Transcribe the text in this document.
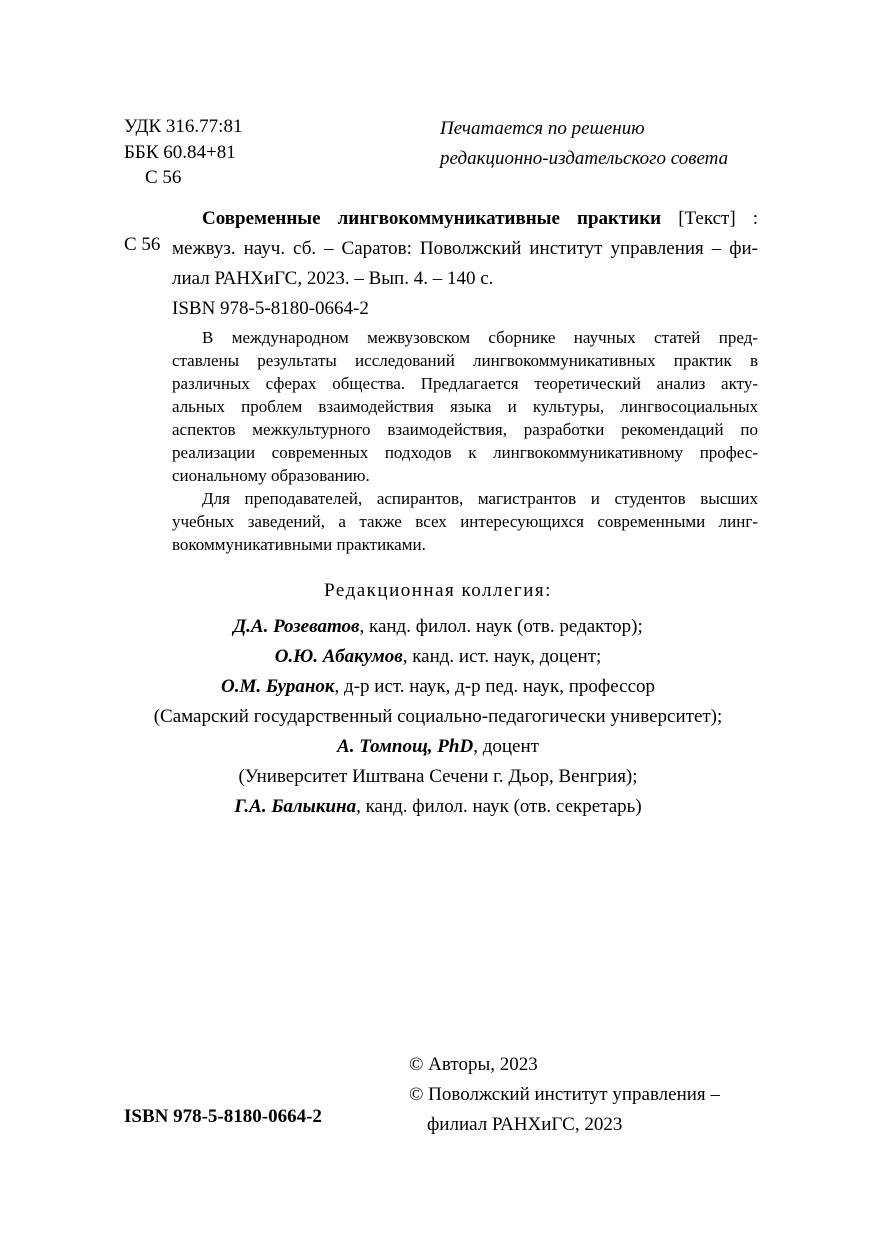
УДК 316.77:81
ББК 60.84+81
С 56
Печатается по решению
редакционно-издательского совета
С 56
Современные лингвокоммуникативные практики [Текст] :
межвуз. науч. сб. – Саратов: Поволжский институт управления – фи-
лиал РАНХиГС, 2023. – Вып. 4. – 140 с.
ISBN 978-5-8180-0664-2
В международном межвузовском сборнике научных статей пред-
ставлены результаты исследований лингвокоммуникативных практик в
различных сферах общества. Предлагается теоретический анализ акту-
альных проблем взаимодействия языка и культуры, лингвосоциальных
аспектов межкультурного взаимодействия, разработки рекомендаций по
реализации современных подходов к лингвокоммуникативному профес-
сиональному образованию.
Для преподавателей, аспирантов, магистрантов и студентов высших
учебных заведений, а также всех интересующихся современными линг-
вокоммуникативными практиками.
Редакционная коллегия:
Д.А. Розеватов, канд. филол. наук (отв. редактор);
О.Ю. Абакумов, канд. ист. наук, доцент;
О.М. Буранок, д-р ист. наук, д-р пед. наук, профессор
(Самарский государственный социально-педагогически университет);
А. Томпощ, PhD, доцент
(Университет Иштвана Сечени г. Дьор, Венгрия);
Г.А. Балыкина, канд. филол. наук (отв. секретарь)
© Авторы, 2023
© Поволжский институт управления –
филиал РАНХиГС, 2023
ISBN 978-5-8180-0664-2
